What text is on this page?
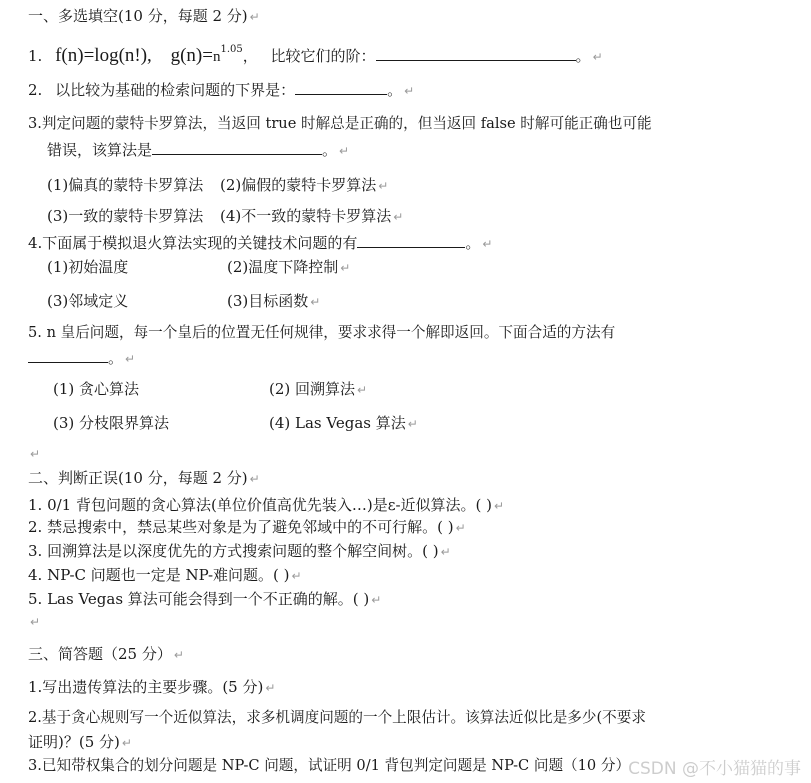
一、多选填空(10 分，每题 2 分) ↵
1. f(n)=log(n!), $g(n)=n^{1.05}$， 比较它们的阶：	。 ↵
2. 以比较为基础的检索问题的下界是：	。 ↵
3.判定问题的蒙特卡罗算法，当返回 true 时解总是正确的，但当返回 false 时解可能正确也可能
错误，该算法是	。 ↵
(1)偏真的蒙特卡罗算法 (2)偏假的蒙特卡罗算法 ↵
(3)一致的蒙特卡罗算法 (4)不一致的蒙特卡罗算法 ↵
4.下面属于模拟退火算法实现的关键技术问题的有	。 ↵
(1)初始温度	(2)温度下降控制 ↵
(3)邻域定义	(3)目标函数 ↵
5. n 皇后问题，每一个皇后的位置无任何规律，要求求得一个解即返回。下面合适的方法有
。 ↵
(1) 贪心算法	(2) 回溯算法 ↵
(3) 分枝限界算法	(4) Las Vegas 算法 ↵
↵
二、判断正误(10 分，每题 2 分) ↵
1. 0/1 背包问题的贪心算法(单位价值高优先装入…)是ε-近似算法。( ) ↵
2. 禁忌搜索中，禁忌某些对象是为了避免邻域中的不可行解。( ) ↵
3. 回溯算法是以深度优先的方式搜索问题的整个解空间树。( ) ↵
4. NP-C 问题也一定是 NP-难问题。( ) ↵
5. Las Vegas 算法可能会得到一个不正确的解。( ) ↵
↵
三、简答题（25 分） ↵
1.写出遗传算法的主要步骤。(5 分) ↵
2.基于贪心规则写一个近似算法，求多机调度问题的一个上限估计。该算法近似比是多少(不要求
证明)？(5 分) ↵
3.已知带权集合的划分问题是 NP-C 问题，试证明 0/1 背包判定问题是 NP-C 问题（10 分）
CSDN @不小猫猫的事
